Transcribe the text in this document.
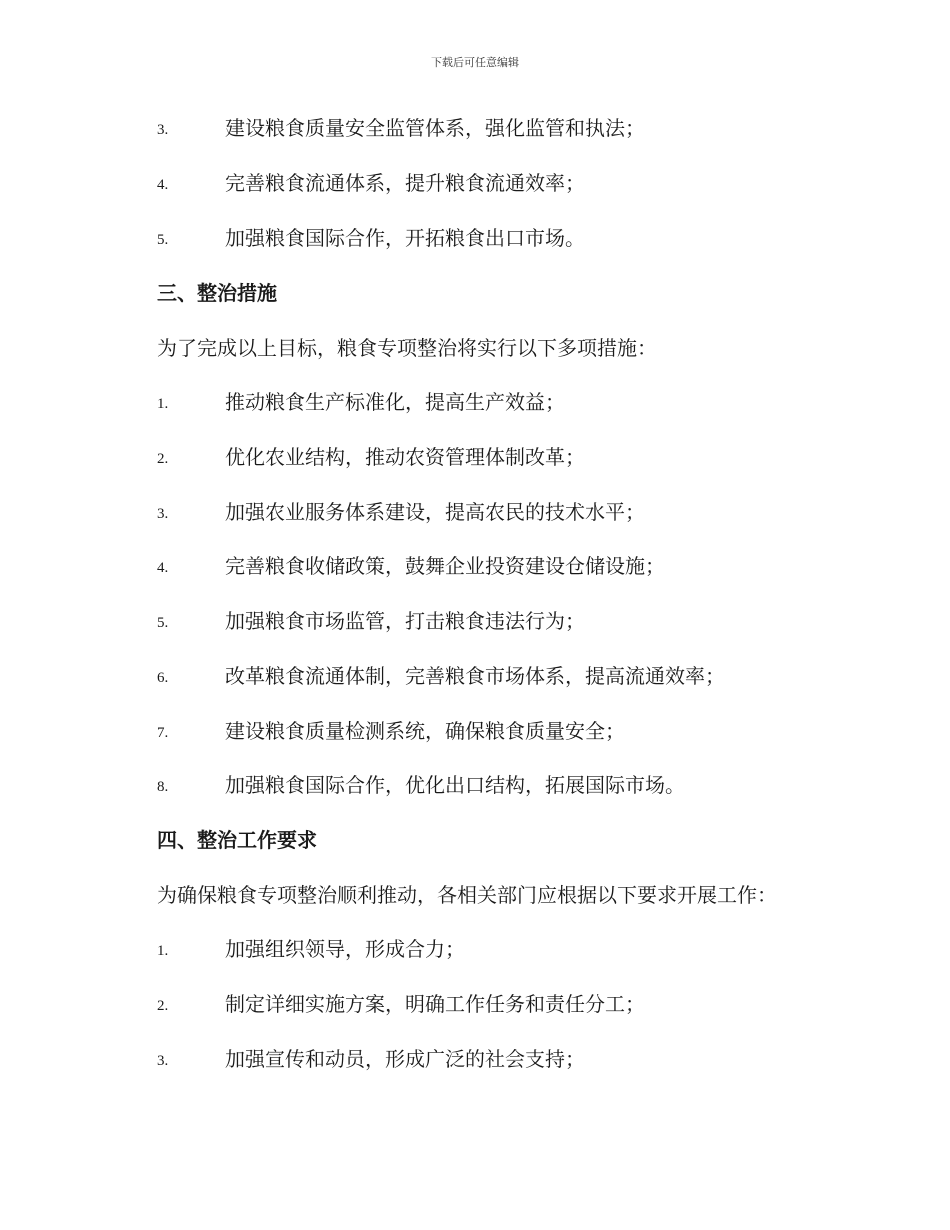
下载后可任意编辑
3.	建设粮食质量安全监管体系，强化监管和执法；
4.	完善粮食流通体系，提升粮食流通效率；
5.	加强粮食国际合作，开拓粮食出口市场。
三、整治措施
为了完成以上目标，粮食专项整治将实行以下多项措施：
1.	推动粮食生产标准化，提高生产效益；
2.	优化农业结构，推动农资管理体制改革；
3.	加强农业服务体系建设，提高农民的技术水平；
4.	完善粮食收储政策，鼓舞企业投资建设仓储设施；
5.	加强粮食市场监管，打击粮食违法行为；
6.	改革粮食流通体制，完善粮食市场体系，提高流通效率；
7.	建设粮食质量检测系统，确保粮食质量安全；
8.	加强粮食国际合作，优化出口结构，拓展国际市场。
四、整治工作要求
为确保粮食专项整治顺利推动，各相关部门应根据以下要求开展工作：
1.	加强组织领导，形成合力；
2.	制定详细实施方案，明确工作任务和责任分工；
3.	加强宣传和动员，形成广泛的社会支持；
